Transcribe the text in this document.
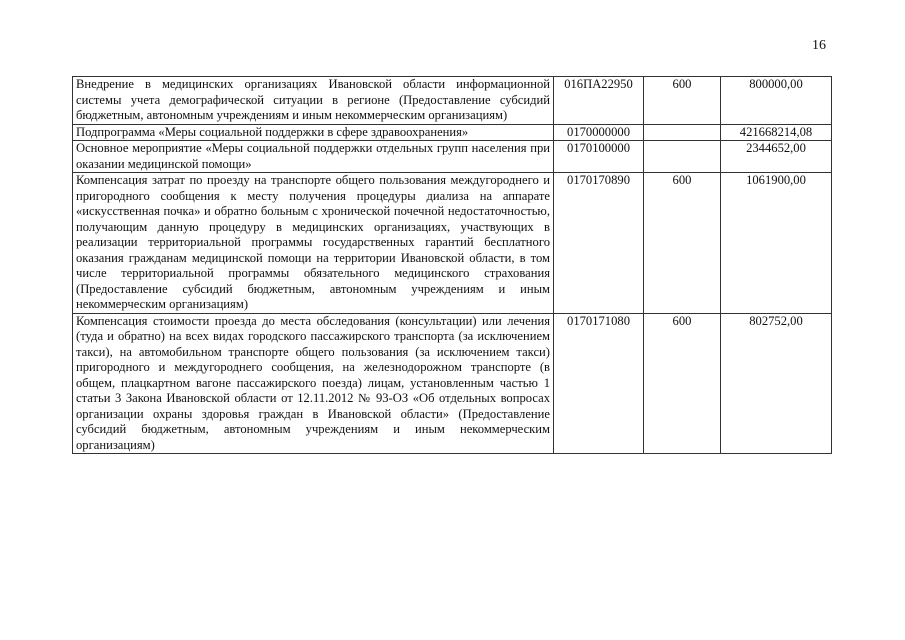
16
Внедрение в медицинских организациях Ивановской области информационной системы учета демографической ситуации в регионе (Предоставление субсидий бюджетным, автономным учреждениям и иным некоммерческим организациям)	016ПА22950	600	800000,00
Подпрограмма «Меры социальной поддержки в сфере здравоохранения»	0170000000		421668214,08
Основное мероприятие «Меры социальной поддержки отдельных групп населения при оказании медицинской помощи»	0170100000		2344652,00
Компенсация затрат по проезду на транспорте общего пользования междугороднего и пригородного сообщения к месту получения процедуры диализа на аппарате «искусственная почка» и обратно больным с хронической почечной недостаточностью, получающим данную процедуру в медицинских организациях, участвующих в реализации территориальной программы государственных гарантий бесплатного оказания гражданам медицинской помощи на территории Ивановской области, в том числе территориальной программы обязательного медицинского страхования (Предоставление субсидий бюджетным, автономным учреждениям и иным некоммерческим организациям)	0170170890	600	1061900,00
Компенсация стоимости проезда до места обследования (консультации) или лечения (туда и обратно) на всех видах городского пассажирского транспорта (за исключением такси), на автомобильном транспорте общего пользования (за исключением такси) пригородного и междугороднего сообщения, на железнодорожном транспорте (в общем, плацкартном вагоне пассажирского поезда) лицам, установленным частью 1 статьи 3 Закона Ивановской области от 12.11.2012 № 93-ОЗ «Об отдельных вопросах организации охраны здоровья граждан в Ивановской области» (Предоставление субсидий бюджетным, автономным учреждениям и иным некоммерческим организациям)	0170171080	600	802752,00
